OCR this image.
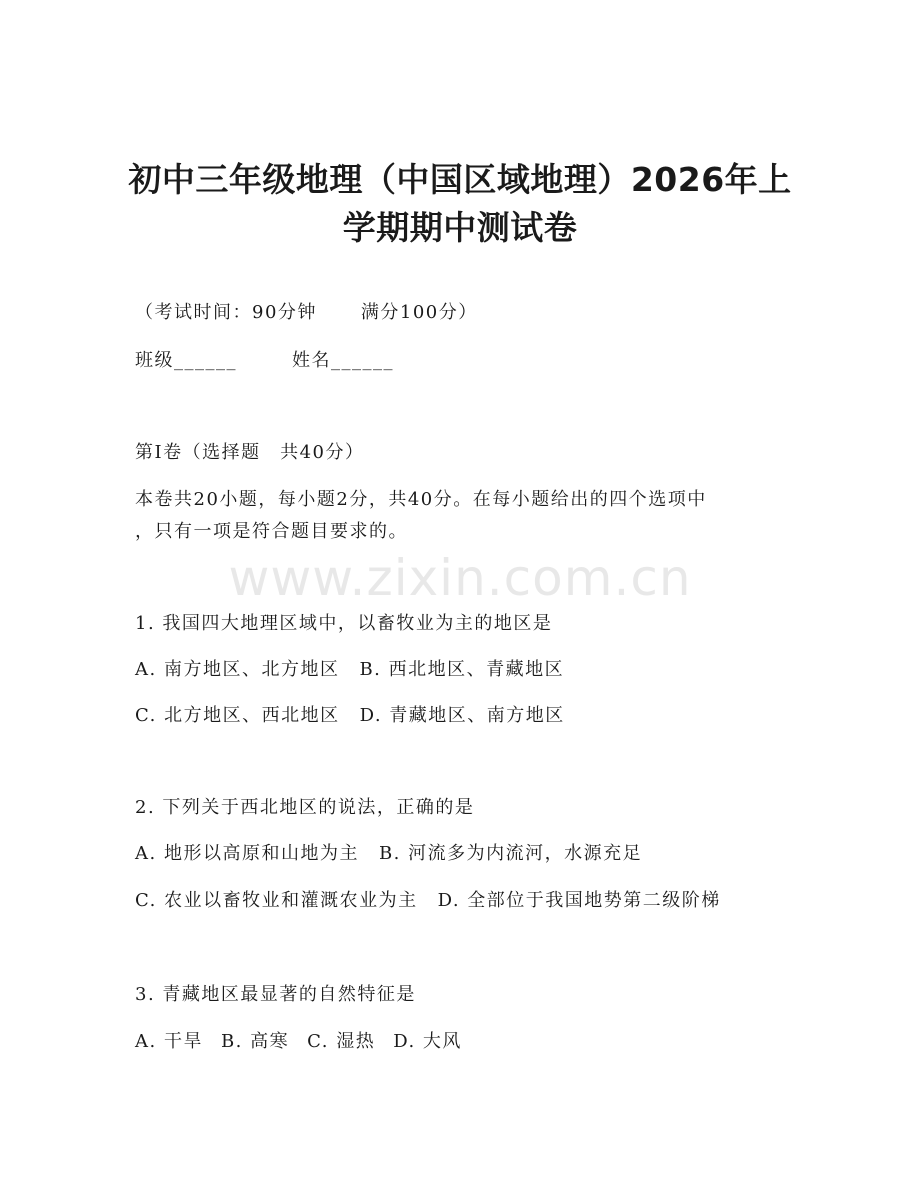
初中三年级地理（中国区域地理）2026年上
学期期中测试卷
（考试时间：90分钟 满分100分）
班级______	姓名______
第Ⅰ卷（选择题　共40分）
本卷共20小题，每小题2分，共40分。在每小题给出的四个选项中
，只有一项是符合题目要求的。
www.zixin.com.cn
1. 我国四大地理区域中，以畜牧业为主的地区是
A. 南方地区、北方地区 B. 西北地区、青藏地区
C. 北方地区、西北地区 D. 青藏地区、南方地区
2. 下列关于西北地区的说法，正确的是
A. 地形以高原和山地为主 B. 河流多为内流河，水源充足
C. 农业以畜牧业和灌溉农业为主 D. 全部位于我国地势第二级阶梯
3. 青藏地区最显著的自然特征是
A. 干旱 B. 高寒 C. 湿热 D. 大风
